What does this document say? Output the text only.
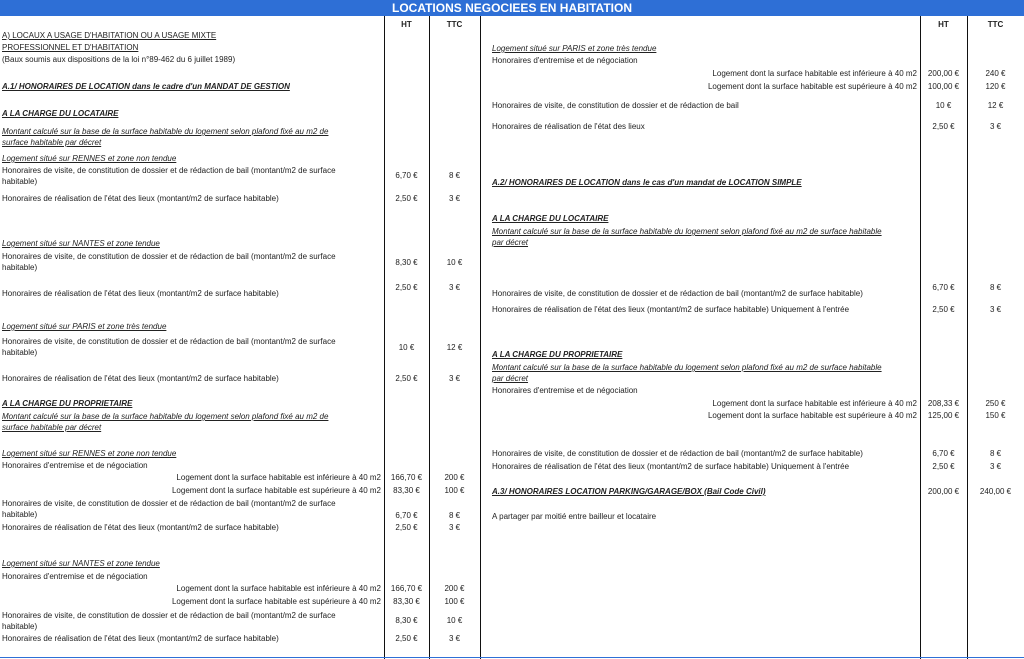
LOCATIONS NEGOCIEES EN HABITATION
HT	TTC	HT	TTC
A) LOCAUX A USAGE D'HABITATION OU A USAGE MIXTE
PROFESSIONNEL ET D'HABITATION
(Baux soumis aux dispositions de la loi n°89-462 du 6 juillet 1989)
A.1/ HONORAIRES DE LOCATION dans le cadre d'un MANDAT DE GESTION
A LA CHARGE DU LOCATAIRE
Montant calculé sur la base de la surface habitable du logement selon plafond fixé au m2 de
surface habitable par décret
Logement situé sur RENNES et zone non tendue
Honoraires de visite, de constitution de dossier et de rédaction de bail (montant/m2 de surface
habitable)
6,70 €	8 €
Honoraires de réalisation de l'état des lieux (montant/m2 de surface habitable)	2,50 €	3 €
Logement situé sur NANTES et zone tendue
Honoraires de visite, de constitution de dossier et de rédaction de bail (montant/m2 de surface
habitable)
8,30 €	10 €
Honoraires de réalisation de l'état des lieux (montant/m2 de surface habitable)
2,50 €	3 €
Logement situé sur PARIS et zone très tendue
Honoraires de visite, de constitution de dossier et de rédaction de bail (montant/m2 de surface
habitable)
10 €	12 €
Honoraires de réalisation de l'état des lieux (montant/m2 de surface habitable)	2,50 €	3 €
A LA CHARGE DU PROPRIETAIRE
Montant calculé sur la base de la surface habitable du logement selon plafond fixé au m2 de
surface habitable par décret
Logement situé sur RENNES et zone non tendue
Honoraires d'entremise et de négociation
Logement dont la surface habitable est inférieure à 40 m2	166,70 €	200 €
Logement dont la surface habitable est supérieure à 40 m2	83,30 €	100 €
Honoraires de visite, de constitution de dossier et de rédaction de bail (montant/m2 de surface
habitable)	6,70 €	8 €
Honoraires de réalisation de l'état des lieux (montant/m2 de surface habitable)	2,50 €	3 €
Logement situé sur NANTES et zone tendue
Honoraires d'entremise et de négociation
Logement dont la surface habitable est inférieure à 40 m2	166,70 €	200 €
Logement dont la surface habitable est supérieure à 40 m2	83,30 €	100 €
Honoraires de visite, de constitution de dossier et de rédaction de bail (montant/m2 de surface
habitable)
8,30 €	10 €
Honoraires de réalisation de l'état des lieux (montant/m2 de surface habitable)	2,50 €	3 €
Logement situé sur PARIS et zone très tendue
Honoraires d'entremise et de négociation
Logement dont la surface habitable est inférieure à 40 m2	200,00 €	240 €
Logement dont la surface habitable est supérieure à 40 m2	100,00 €	120 €
Honoraires de visite, de constitution de dossier et de rédaction de bail	10 €	12 €
Honoraires de réalisation de l'état des lieux	2,50 €	3 €
A.2/ HONORAIRES DE LOCATION dans le cas d'un mandat de LOCATION SIMPLE
A LA CHARGE DU LOCATAIRE
Montant calculé sur la base de la surface habitable du logement selon plafond fixé au m2 de surface habitable
par décret
Honoraires de visite, de constitution de dossier et de rédaction de bail (montant/m2 de surface habitable)
6,70 €	8 €
Honoraires de réalisation de l'état des lieux (montant/m2 de surface habitable) Uniquement à l'entrée	2,50 €	3 €
A LA CHARGE DU PROPRIETAIRE
Montant calculé sur la base de la surface habitable du logement selon plafond fixé au m2 de surface habitable
par décret
Honoraires d'entremise et de négociation
Logement dont la surface habitable est inférieure à 40 m2	208,33 €	250 €
Logement dont la surface habitable est supérieure à 40 m2	125,00 €	150 €
Honoraires de visite, de constitution de dossier et de rédaction de bail (montant/m2 de surface habitable)	6,70 €	8 €
Honoraires de réalisation de l'état des lieux (montant/m2 de surface habitable) Uniquement à l'entrée	2,50 €	3 €
A.3/ HONORAIRES LOCATION PARKING/GARAGE/BOX (Bail Code Civil)	200,00 €	240,00 €
A partager par moitié entre bailleur et locataire
